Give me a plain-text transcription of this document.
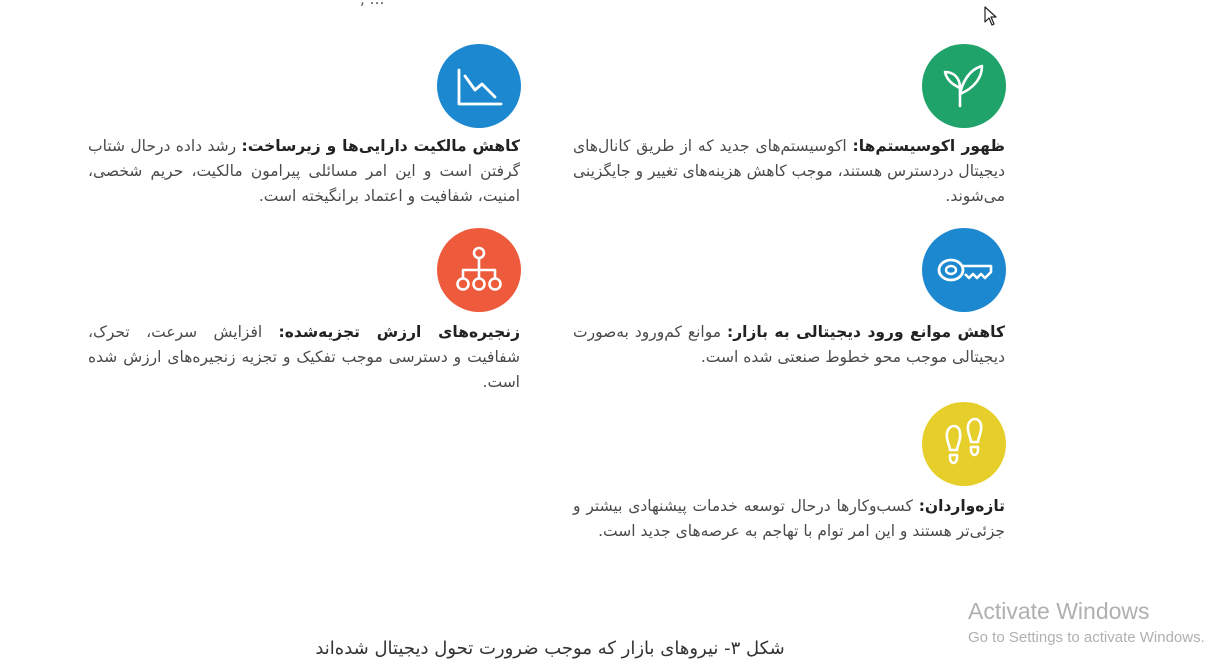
ظهور اکوسیستم‌ها: اکوسیستم‌های جدید که از طریق کانال‌های دیجیتال دردسترس هستند، موجب کاهش هزینه‌های تغییر و جایگزینی می‌شوند.
کاهش مالکیت دارایی‌ها و زیرساخت: رشد داده درحال شتاب گرفتن است و این امر مسائلی پیرامون مالکیت، حریم شخصی، امنیت، شفافیت و اعتماد برانگیخته است.
کاهش موانع ورود دیجیتالی به بازار: موانع کم‌ورود به‌صورت دیجیتالی موجب محو خطوط صنعتی شده است.
زنجیره‌های ارزش تجزیه‌شده: افزایش سرعت، تحرک، شفافیت و دسترسی موجب تفکیک و تجزیه زنجیره‌های ارزش شده است.
تازه‌واردان: کسب‌وکارها درحال توسعه خدمات پیشنهادی بیشتر و جزئی‌تر هستند و این امر توام با تهاجم به عرصه‌های جدید است.
شکل ۳- نیروهای بازار که موجب ضرورت تحول دیجیتال شده‌اند
Activate Windows
Go to Settings to activate Windows.
